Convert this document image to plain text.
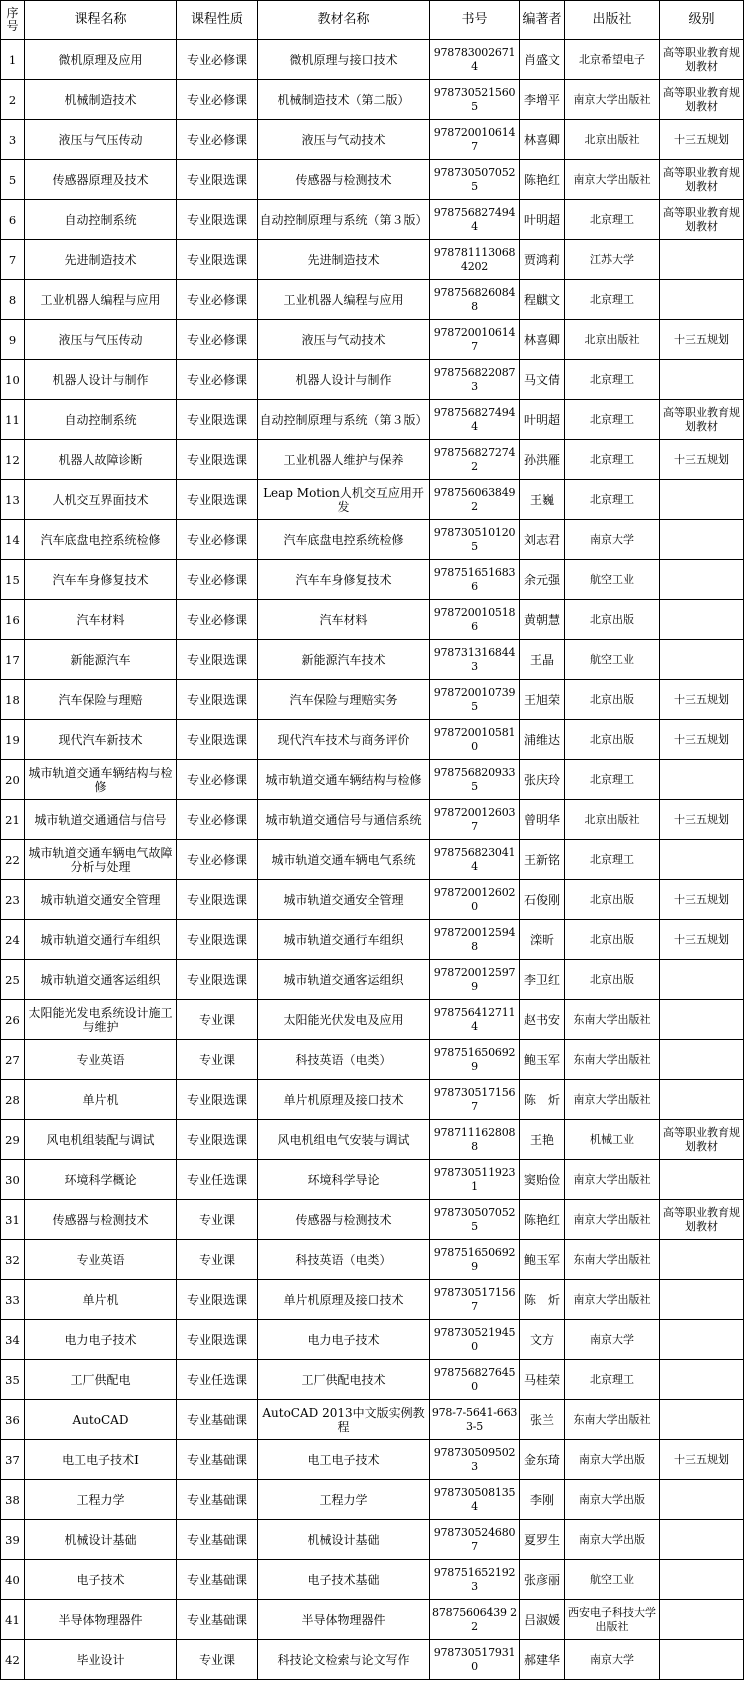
序号	课程名称	课程性质	教材名称	书号	编著者	出版社	级别
1	微机原理及应用	专业必修课	微机原理与接口技术	9787830026714	肖盛文	北京希望电子	高等职业教育规划教材
2	机械制造技术	专业必修课	机械制造技术（第二版）	9787305215605	李增平	南京大学出版社	高等职业教育规划教材
3	液压与气压传动	专业必修课	液压与气动技术	9787200106147	林喜卿	北京出版社	十三五规划
5	传感器原理及技术	专业限选课	传感器与检测技术	9787305070525	陈艳红	南京大学出版社	高等职业教育规划教材
6	自动控制系统	专业限选课	自动控制原理与系统（第３版）	9787568274944	叶明超	北京理工	高等职业教育规划教材
7	先进制造技术	专业限选课	先进制造技术	9787811130684202	贾鸿莉	江苏大学	
8	工业机器人编程与应用	专业必修课	工业机器人编程与应用	9787568260848	程麒文	北京理工	
9	液压与气压传动	专业必修课	液压与气动技术	9787200106147	林喜卿	北京出版社	十三五规划
10	机器人设计与制作	专业必修课	机器人设计与制作	9787568220873	马文倩	北京理工	
11	自动控制系统	专业限选课	自动控制原理与系统（第３版）	9787568274944	叶明超	北京理工	高等职业教育规划教材
12	机器人故障诊断	专业限选课	工业机器人维护与保养	9787568272742	孙洪雁	北京理工	十三五规划
13	人机交互界面技术	专业限选课	Leap Motion人机交互应用开发	9787560638492	王巍	北京理工	
14	汽车底盘电控系统检修	专业必修课	汽车底盘电控系统检修	9787305101205	刘志君	南京大学	
15	汽车车身修复技术	专业必修课	汽车车身修复技术	9787516516836	余元强	航空工业	
16	汽车材料	专业必修课	汽车材料	9787200105186	黄朝慧	北京出版	
17	新能源汽车	专业限选课	新能源汽车技术	9787313168443	王晶	航空工业	
18	汽车保险与理赔	专业限选课	汽车保险与理赔实务	9787200107395	王旭荣	北京出版	十三五规划
19	现代汽车新技术	专业限选课	现代汽车技术与商务评价	9787200105810	浦维达	北京出版	十三五规划
20	城市轨道交通车辆结构与检修	专业必修课	城市轨道交通车辆结构与检修	9787568209335	张庆玲	北京理工	
21	城市轨道交通通信与信号	专业必修课	城市轨道交通信号与通信系统	9787200126037	曾明华	北京出版社	十三五规划
22	城市轨道交通车辆电气故障分析与处理	专业必修课	城市轨道交通车辆电气系统	9787568230414	王新铭	北京理工	
23	城市轨道交通安全管理	专业限选课	城市轨道交通安全管理	9787200126020	石俊刚	北京出版	十三五规划
24	城市轨道交通行车组织	专业限选课	城市轨道交通行车组织	9787200125948	滦昕	北京出版	十三五规划
25	城市轨道交通客运组织	专业限选课	城市轨道交通客运组织	9787200125979	李卫红	北京出版	
26	太阳能光发电系统设计施工与维护	专业课	太阳能光伏发电及应用	9787564127114	赵书安	东南大学出版社	
27	专业英语	专业课	科技英语（电类）	9787516506929	鲍玉军	东南大学出版社	
28	单片机	专业限选课	单片机原理及接口技术	9787305171567	陈　炘	南京大学出版社	
29	风电机组装配与调试	专业限选课	风电机组电气安装与调试	9787111628088	王艳	机械工业	高等职业教育规划教材
30	环境科学概论	专业任选课	环境科学导论	9787305119231	窦贻俭	南京大学出版社	
31	传感器与检测技术	专业课	传感器与检测技术	9787305070525	陈艳红	南京大学出版社	高等职业教育规划教材
32	专业英语	专业课	科技英语（电类）	9787516506929	鲍玉军	东南大学出版社	
33	单片机	专业限选课	单片机原理及接口技术	9787305171567	陈　炘	南京大学出版社	
34	电力电子技术	专业限选课	电力电子技术	9787305219450	文方	南京大学	
35	工厂供配电	专业任选课	工厂供配电技术	9787568276450	马桂荣	北京理工	
36	AutoCAD	专业基础课	AutoCAD 2013中文版实例教程	978-7-5641-6633-5	张兰	东南大学出版社	
37	电工电子技术Ⅰ	专业基础课	电工电子技术	9787305095023	金东琦	南京大学出版	十三五规划
38	工程力学	专业基础课	工程力学	9787305081354	李刚	南京大学出版	
39	机械设计基础	专业基础课	机械设计基础	9787305246807	夏罗生	南京大学出版	
40	电子技术	专业基础课	电子技术基础	9787516521923	张彦丽	航空工业	
41	半导体物理器件	专业基础课	半导体物理器件	87875606439 22	吕淑媛	西安电子科技大学出版社	
42	毕业设计	专业课	科技论文检索与论文写作	9787305179310	郝建华	南京大学	
